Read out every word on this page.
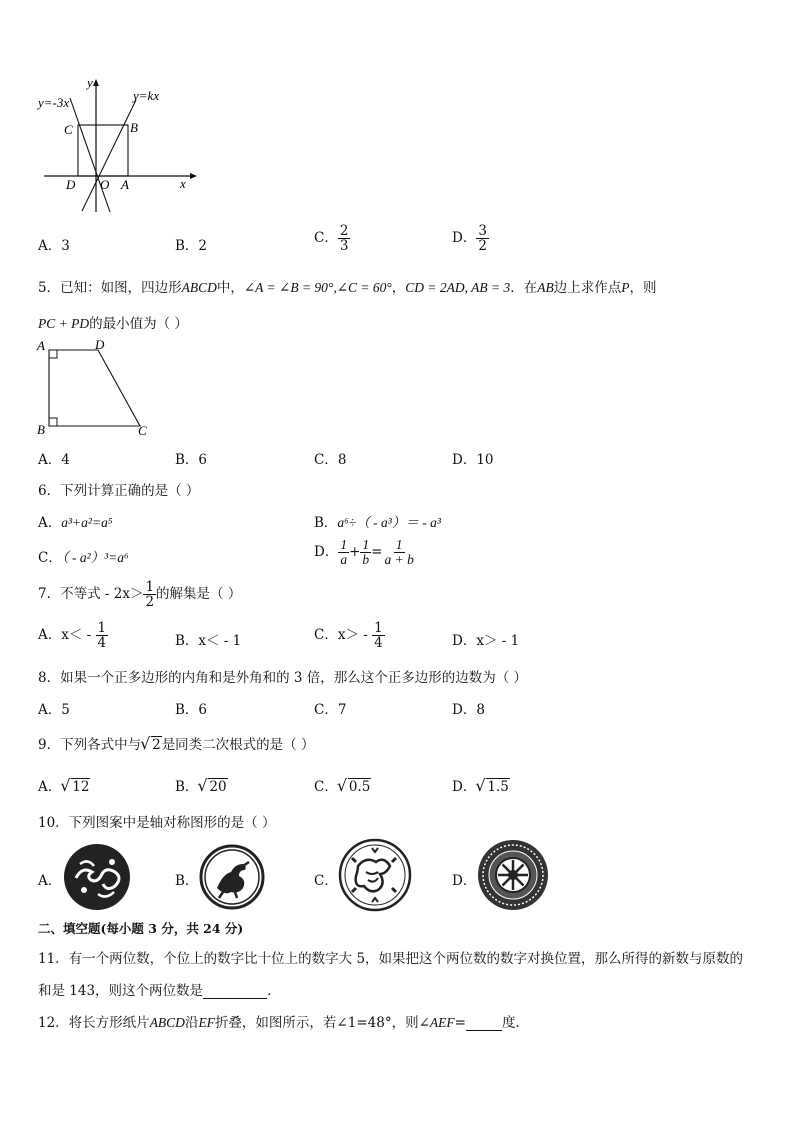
y=-3x	y=kx
y
x
C	B
D O A
A．3	B．2	C． $\frac{2}{3}$	D． $\frac{3}{2}$
5．已知：如图，四边形ABCD中，∠A = ∠B = 90°,∠C = 60°，CD = 2AD, AB = 3．在AB边上求作点P，则
PC + PD的最小值为（ ）
A	D
B	C
A．4	B．6	C．8	D．10
6．下列计算正确的是（ ）
A．a³+a²=a⁵	B．a⁶÷（ - a³）＝ - a³
C．（ - a²）³=a⁶	D． $\frac{1}{a} + \frac{1}{b} = \frac{1}{a + b}$
7．不等式 - $2x> \frac{1}{2}$ 的解集是（ ）
A．$x< - \frac{1}{4}$	B．x＜ - 1	C．$x> - \frac{1}{4}$	D．x＞ - 1
8．如果一个正多边形的内角和是外角和的 3 倍，那么这个正多边形的边数为（ ）
A．5	B．6	C．7	D．8
9．下列各式中与 √ 2是同类二次根式的是（ ）
A． √ 12	B． √ 20	C． √ 0.5	D． √ 1.5
10．下列图案中是轴对称图形的是（ ）
A．	B．	C．	D．
二、填空题(每小题 3 分，共 24 分)
11．有一个两位数，个位上的数字比十位上的数字大 5，如果把这个两位数的数字对换位置，那么所得的新数与原数的
和是 143，则这个两位数是	．
12．将长方形纸片ABCD沿EF折叠，如图所示，若∠1=48°，则∠AEF=	度．
